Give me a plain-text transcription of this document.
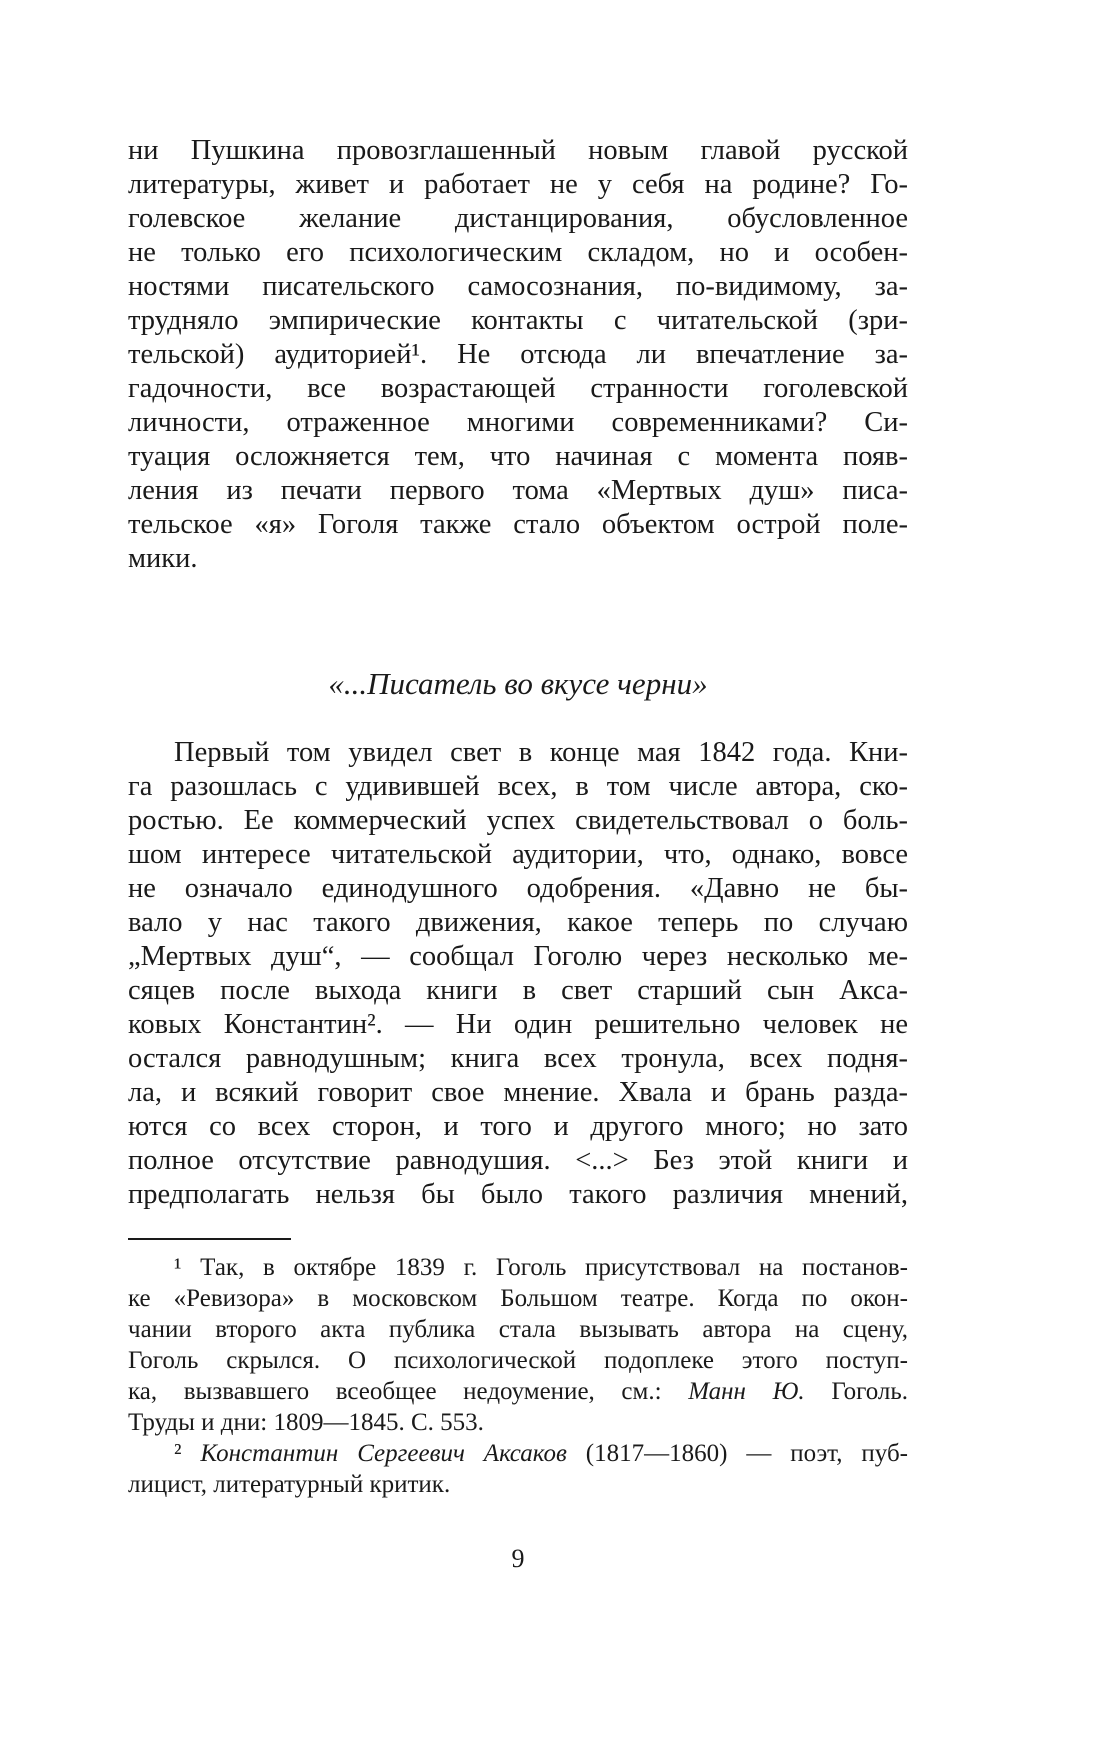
ни Пушкина провозглашенный новым главой русской
литературы, живет и работает не у себя на родине? Го-
голевское желание дистанцирования, обусловленное
не только его психологическим складом, но и особен-
ностями писательского самосознания, по-видимому, за-
трудняло эмпирические контакты с читательской (зри-
тельской) аудиторией¹. Не отсюда ли впечатление за-
гадочности, все возрастающей странности гоголевской
личности, отраженное многими современниками? Си-
туация осложняется тем, что начиная с момента появ-
ления из печати первого тома «Мертвых душ» писа-
тельское «я» Гоголя также стало объектом острой поле-
мики.
«...Писатель во вкусе черни»
Первый том увидел свет в конце мая 1842 года. Кни-
га разошлась с удивившей всех, в том числе автора, ско-
ростью. Ее коммерческий успех свидетельствовал о боль-
шом интересе читательской аудитории, что, однако, вовсе
не означало единодушного одобрения. «Давно не бы-
вало у нас такого движения, какое теперь по случаю
„Мертвых душ“, — сообщал Гоголю через несколько ме-
сяцев после выхода книги в свет старший сын Акса-
ковых Константин². — Ни один решительно человек не
остался равнодушным; книга всех тронула, всех подня-
ла, и всякий говорит свое мнение. Хвала и брань разда-
ются со всех сторон, и того и другого много; но зато
полное отсутствие равнодушия. <...> Без этой книги и
предполагать нельзя бы было такого различия мнений,
¹ Так, в октябре 1839 г. Гоголь присутствовал на постанов-
ке «Ревизора» в московском Большом театре. Когда по окон-
чании второго акта публика стала вызывать автора на сцену,
Гоголь скрылся. О психологической подоплеке этого поступ-
ка, вызвавшего всеобщее недоумение, см.: Манн Ю. Гоголь.
Труды и дни: 1809—1845. С. 553.
² Константин Сергеевич Аксаков (1817—1860) — поэт, пуб-
лицист, литературный критик.
9
